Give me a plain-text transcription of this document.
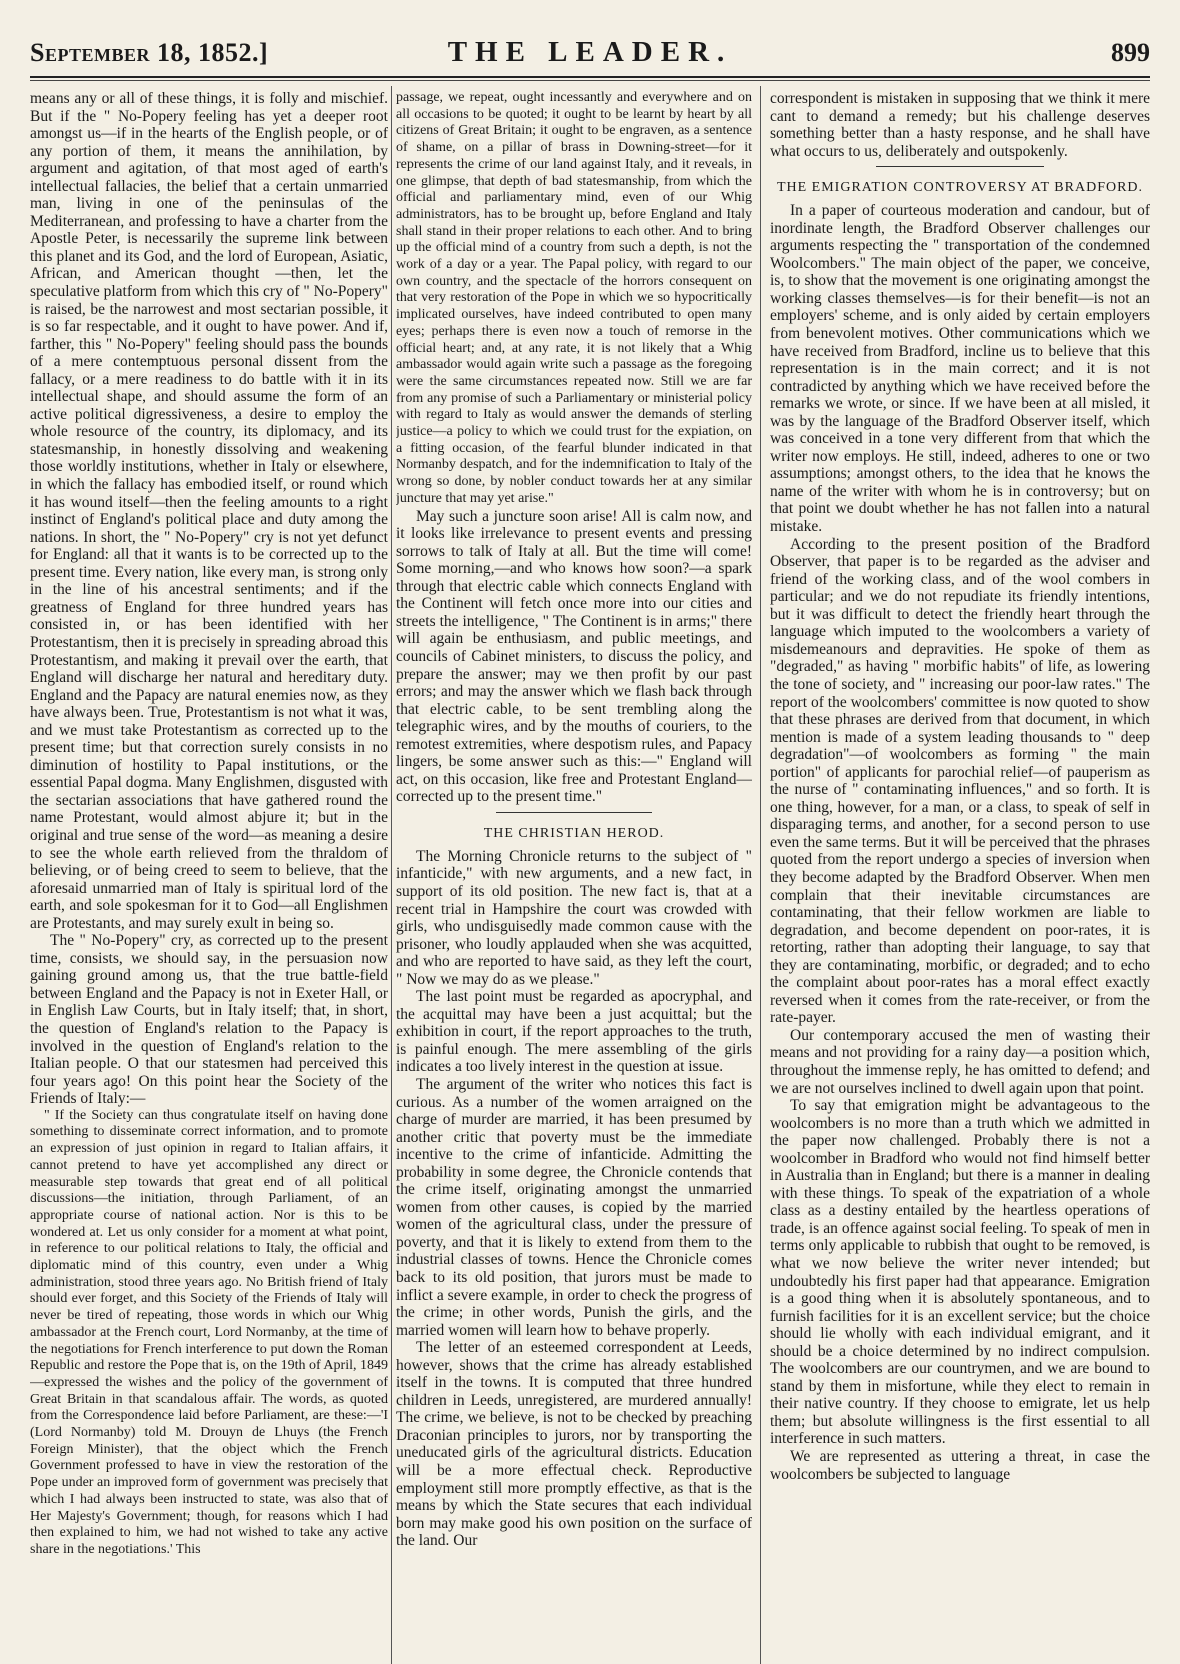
September 18, 1852.]	THE LEADER.	899

means any or all of these things, it is folly and mischief. But if the " No-Popery feeling has yet a deeper root amongst us—if in the hearts of the English people, or of any portion of them, it means the annihilation, by argument and agitation, of that most aged of earth's intellectual fallacies, the belief that a certain unmarried man, living in one of the peninsulas of the Mediterranean, and professing to have a charter from the Apostle Peter, is necessarily the supreme link between this planet and its God, and the lord of European, Asiatic, African, and American thought —then, let the speculative platform from which this cry of " No-Popery" is raised, be the narrowest and most sectarian possible, it is so far respectable, and it ought to have power. And if, farther, this " No-Popery" feeling should pass the bounds of a mere contemptuous personal dissent from the fallacy, or a mere readiness to do battle with it in its intellectual shape, and should assume the form of an active political digressiveness, a desire to employ the whole resource of the country, its diplomacy, and its statesmanship, in honestly dissolving and weakening those worldly institutions, whether in Italy or elsewhere, in which the fallacy has embodied itself, or round which it has wound itself—then the feeling amounts to a right instinct of England's political place and duty among the nations. In short, the " No-Popery" cry is not yet defunct for England: all that it wants is to be corrected up to the present time. Every nation, like every man, is strong only in the line of his ancestral sentiments; and if the greatness of England for three hundred years has consisted in, or has been identified with her Protestantism, then it is precisely in spreading abroad this Protestantism, and making it prevail over the earth, that England will discharge her natural and hereditary duty. England and the Papacy are natural enemies now, as they have always been. True, Protestantism is not what it was, and we must take Protestantism as corrected up to the present time; but that correction surely consists in no diminution of hostility to Papal institutions, or the essential Papal dogma. Many Englishmen, disgusted with the sectarian associations that have gathered round the name Protestant, would almost abjure it; but in the original and true sense of the word—as meaning a desire to see the whole earth relieved from the thraldom of believing, or of being creed to seem to believe, that the aforesaid unmarried man of Italy is spiritual lord of the earth, and sole spokesman for it to God—all Englishmen are Protestants, and may surely exult in being so.

The " No-Popery" cry, as corrected up to the present time, consists, we should say, in the persuasion now gaining ground among us, that the true battle-field between England and the Papacy is not in Exeter Hall, or in English Law Courts, but in Italy itself; that, in short, the question of England's relation to the Papacy is involved in the question of England's relation to the Italian people. O that our statesmen had perceived this four years ago! On this point hear the Society of the Friends of Italy:—

" If the Society can thus congratulate itself on having done something to disseminate correct information, and to promote an expression of just opinion in regard to Italian affairs, it cannot pretend to have yet accomplished any direct or measurable step towards that great end of all political discussions—the initiation, through Parliament, of an appropriate course of national action. Nor is this to be wondered at. Let us only consider for a moment at what point, in reference to our political relations to Italy, the official and diplomatic mind of this country, even under a Whig administration, stood three years ago. No British friend of Italy should ever forget, and this Society of the Friends of Italy will never be tired of repeating, those words in which our Whig ambassador at the French court, Lord Normanby, at the time of the negotiations for French interference to put down the Roman Republic and restore the Pope that is, on the 19th of April, 1849—expressed the wishes and the policy of the government of Great Britain in that scandalous affair. The words, as quoted from the Correspondence laid before Parliament, are these:—'I (Lord Normanby) told M. Drouyn de Lhuys (the French Foreign Minister), that the object which the French Government professed to have in view the restoration of the Pope under an improved form of government was precisely that which I had always been instructed to state, was also that of Her Majesty's Government; though, for reasons which I had then explained to him, we had not wished to take any active share in the negotiations.' This

passage, we repeat, ought incessantly and everywhere and on all occasions to be quoted; it ought to be learnt by heart by all citizens of Great Britain; it ought to be engraven, as a sentence of shame, on a pillar of brass in Downing-street—for it represents the crime of our land against Italy, and it reveals, in one glimpse, that depth of bad statesmanship, from which the official and parliamentary mind, even of our Whig administrators, has to be brought up, before England and Italy shall stand in their proper relations to each other. And to bring up the official mind of a country from such a depth, is not the work of a day or a year. The Papal policy, with regard to our own country, and the spectacle of the horrors consequent on that very restoration of the Pope in which we so hypocritically implicated ourselves, have indeed contributed to open many eyes; perhaps there is even now a touch of remorse in the official heart; and, at any rate, it is not likely that a Whig ambassador would again write such a passage as the foregoing were the same circumstances repeated now. Still we are far from any promise of such a Parliamentary or ministerial policy with regard to Italy as would answer the demands of sterling justice—a policy to which we could trust for the expiation, on a fitting occasion, of the fearful blunder indicated in that Normanby despatch, and for the indemnification to Italy of the wrong so done, by nobler conduct towards her at any similar juncture that may yet arise."

May such a juncture soon arise! All is calm now, and it looks like irrelevance to present events and pressing sorrows to talk of Italy at all. But the time will come! Some morning,—and who knows how soon?—a spark through that electric cable which connects England with the Continent will fetch once more into our cities and streets the intelligence, " The Continent is in arms;" there will again be enthusiasm, and public meetings, and councils of Cabinet ministers, to discuss the policy, and prepare the answer; may we then profit by our past errors; and may the answer which we flash back through that electric cable, to be sent trembling along the telegraphic wires, and by the mouths of couriers, to the remotest extremities, where despotism rules, and Papacy lingers, be some answer such as this:—" England will act, on this occasion, like free and Protestant England—corrected up to the present time."

THE CHRISTIAN HEROD.

The Morning Chronicle returns to the subject of " infanticide," with new arguments, and a new fact, in support of its old position. The new fact is, that at a recent trial in Hampshire the court was crowded with girls, who undisguisedly made common cause with the prisoner, who loudly applauded when she was acquitted, and who are reported to have said, as they left the court, " Now we may do as we please."

The last point must be regarded as apocryphal, and the acquittal may have been a just acquittal; but the exhibition in court, if the report approaches to the truth, is painful enough. The mere assembling of the girls indicates a too lively interest in the question at issue.

The argument of the writer who notices this fact is curious. As a number of the women arraigned on the charge of murder are married, it has been presumed by another critic that poverty must be the immediate incentive to the crime of infanticide. Admitting the probability in some degree, the Chronicle contends that the crime itself, originating amongst the unmarried women from other causes, is copied by the married women of the agricultural class, under the pressure of poverty, and that it is likely to extend from them to the industrial classes of towns. Hence the Chronicle comes back to its old position, that jurors must be made to inflict a severe example, in order to check the progress of the crime; in other words, Punish the girls, and the married women will learn how to behave properly.

The letter of an esteemed correspondent at Leeds, however, shows that the crime has already established itself in the towns. It is computed that three hundred children in Leeds, unregistered, are murdered annually! The crime, we believe, is not to be checked by preaching Draconian principles to jurors, nor by transporting the uneducated girls of the agricultural districts. Education will be a more effectual check. Reproductive employment still more promptly effective, as that is the means by which the State secures that each individual born may make good his own position on the surface of the land. Our

correspondent is mistaken in supposing that we think it mere cant to demand a remedy; but his challenge deserves something better than a hasty response, and he shall have what occurs to us, deliberately and outspokenly.

THE EMIGRATION CONTROVERSY AT BRADFORD.

In a paper of courteous moderation and candour, but of inordinate length, the Bradford Observer challenges our arguments respecting the " transportation of the condemned Woolcombers." The main object of the paper, we conceive, is, to show that the movement is one originating amongst the working classes themselves—is for their benefit—is not an employers' scheme, and is only aided by certain employers from benevolent motives. Other communications which we have received from Bradford, incline us to believe that this representation is in the main correct; and it is not contradicted by anything which we have received before the remarks we wrote, or since. If we have been at all misled, it was by the language of the Bradford Observer itself, which was conceived in a tone very different from that which the writer now employs. He still, indeed, adheres to one or two assumptions; amongst others, to the idea that he knows the name of the writer with whom he is in controversy; but on that point we doubt whether he has not fallen into a natural mistake.

According to the present position of the Bradford Observer, that paper is to be regarded as the adviser and friend of the working class, and of the wool combers in particular; and we do not repudiate its friendly intentions, but it was difficult to detect the friendly heart through the language which imputed to the woolcombers a variety of misdemeanours and depravities. He spoke of them as "degraded," as having " morbific habits" of life, as lowering the tone of society, and " increasing our poor-law rates." The report of the woolcombers' committee is now quoted to show that these phrases are derived from that document, in which mention is made of a system leading thousands to " deep degradation"—of woolcombers as forming " the main portion" of applicants for parochial relief—of pauperism as the nurse of " contaminating influences," and so forth. It is one thing, however, for a man, or a class, to speak of self in disparaging terms, and another, for a second person to use even the same terms. But it will be perceived that the phrases quoted from the report undergo a species of inversion when they become adapted by the Bradford Observer. When men complain that their inevitable circumstances are contaminating, that their fellow workmen are liable to degradation, and become dependent on poor-rates, it is retorting, rather than adopting their language, to say that they are contaminating, morbific, or degraded; and to echo the complaint about poor-rates has a moral effect exactly reversed when it comes from the rate-receiver, or from the rate-payer.

Our contemporary accused the men of wasting their means and not providing for a rainy day—a position which, throughout the immense reply, he has omitted to defend; and we are not ourselves inclined to dwell again upon that point.

To say that emigration might be advantageous to the woolcombers is no more than a truth which we admitted in the paper now challenged. Probably there is not a woolcomber in Bradford who would not find himself better in Australia than in England; but there is a manner in dealing with these things. To speak of the expatriation of a whole class as a destiny entailed by the heartless operations of trade, is an offence against social feeling. To speak of men in terms only applicable to rubbish that ought to be removed, is what we now believe the writer never intended; but undoubtedly his first paper had that appearance. Emigration is a good thing when it is absolutely spontaneous, and to furnish facilities for it is an excellent service; but the choice should lie wholly with each individual emigrant, and it should be a choice determined by no indirect compulsion. The woolcombers are our countrymen, and we are bound to stand by them in misfortune, while they elect to remain in their native country. If they choose to emigrate, let us help them; but absolute willingness is the first essential to all interference in such matters.

We are represented as uttering a threat, in case the woolcombers be subjected to language
